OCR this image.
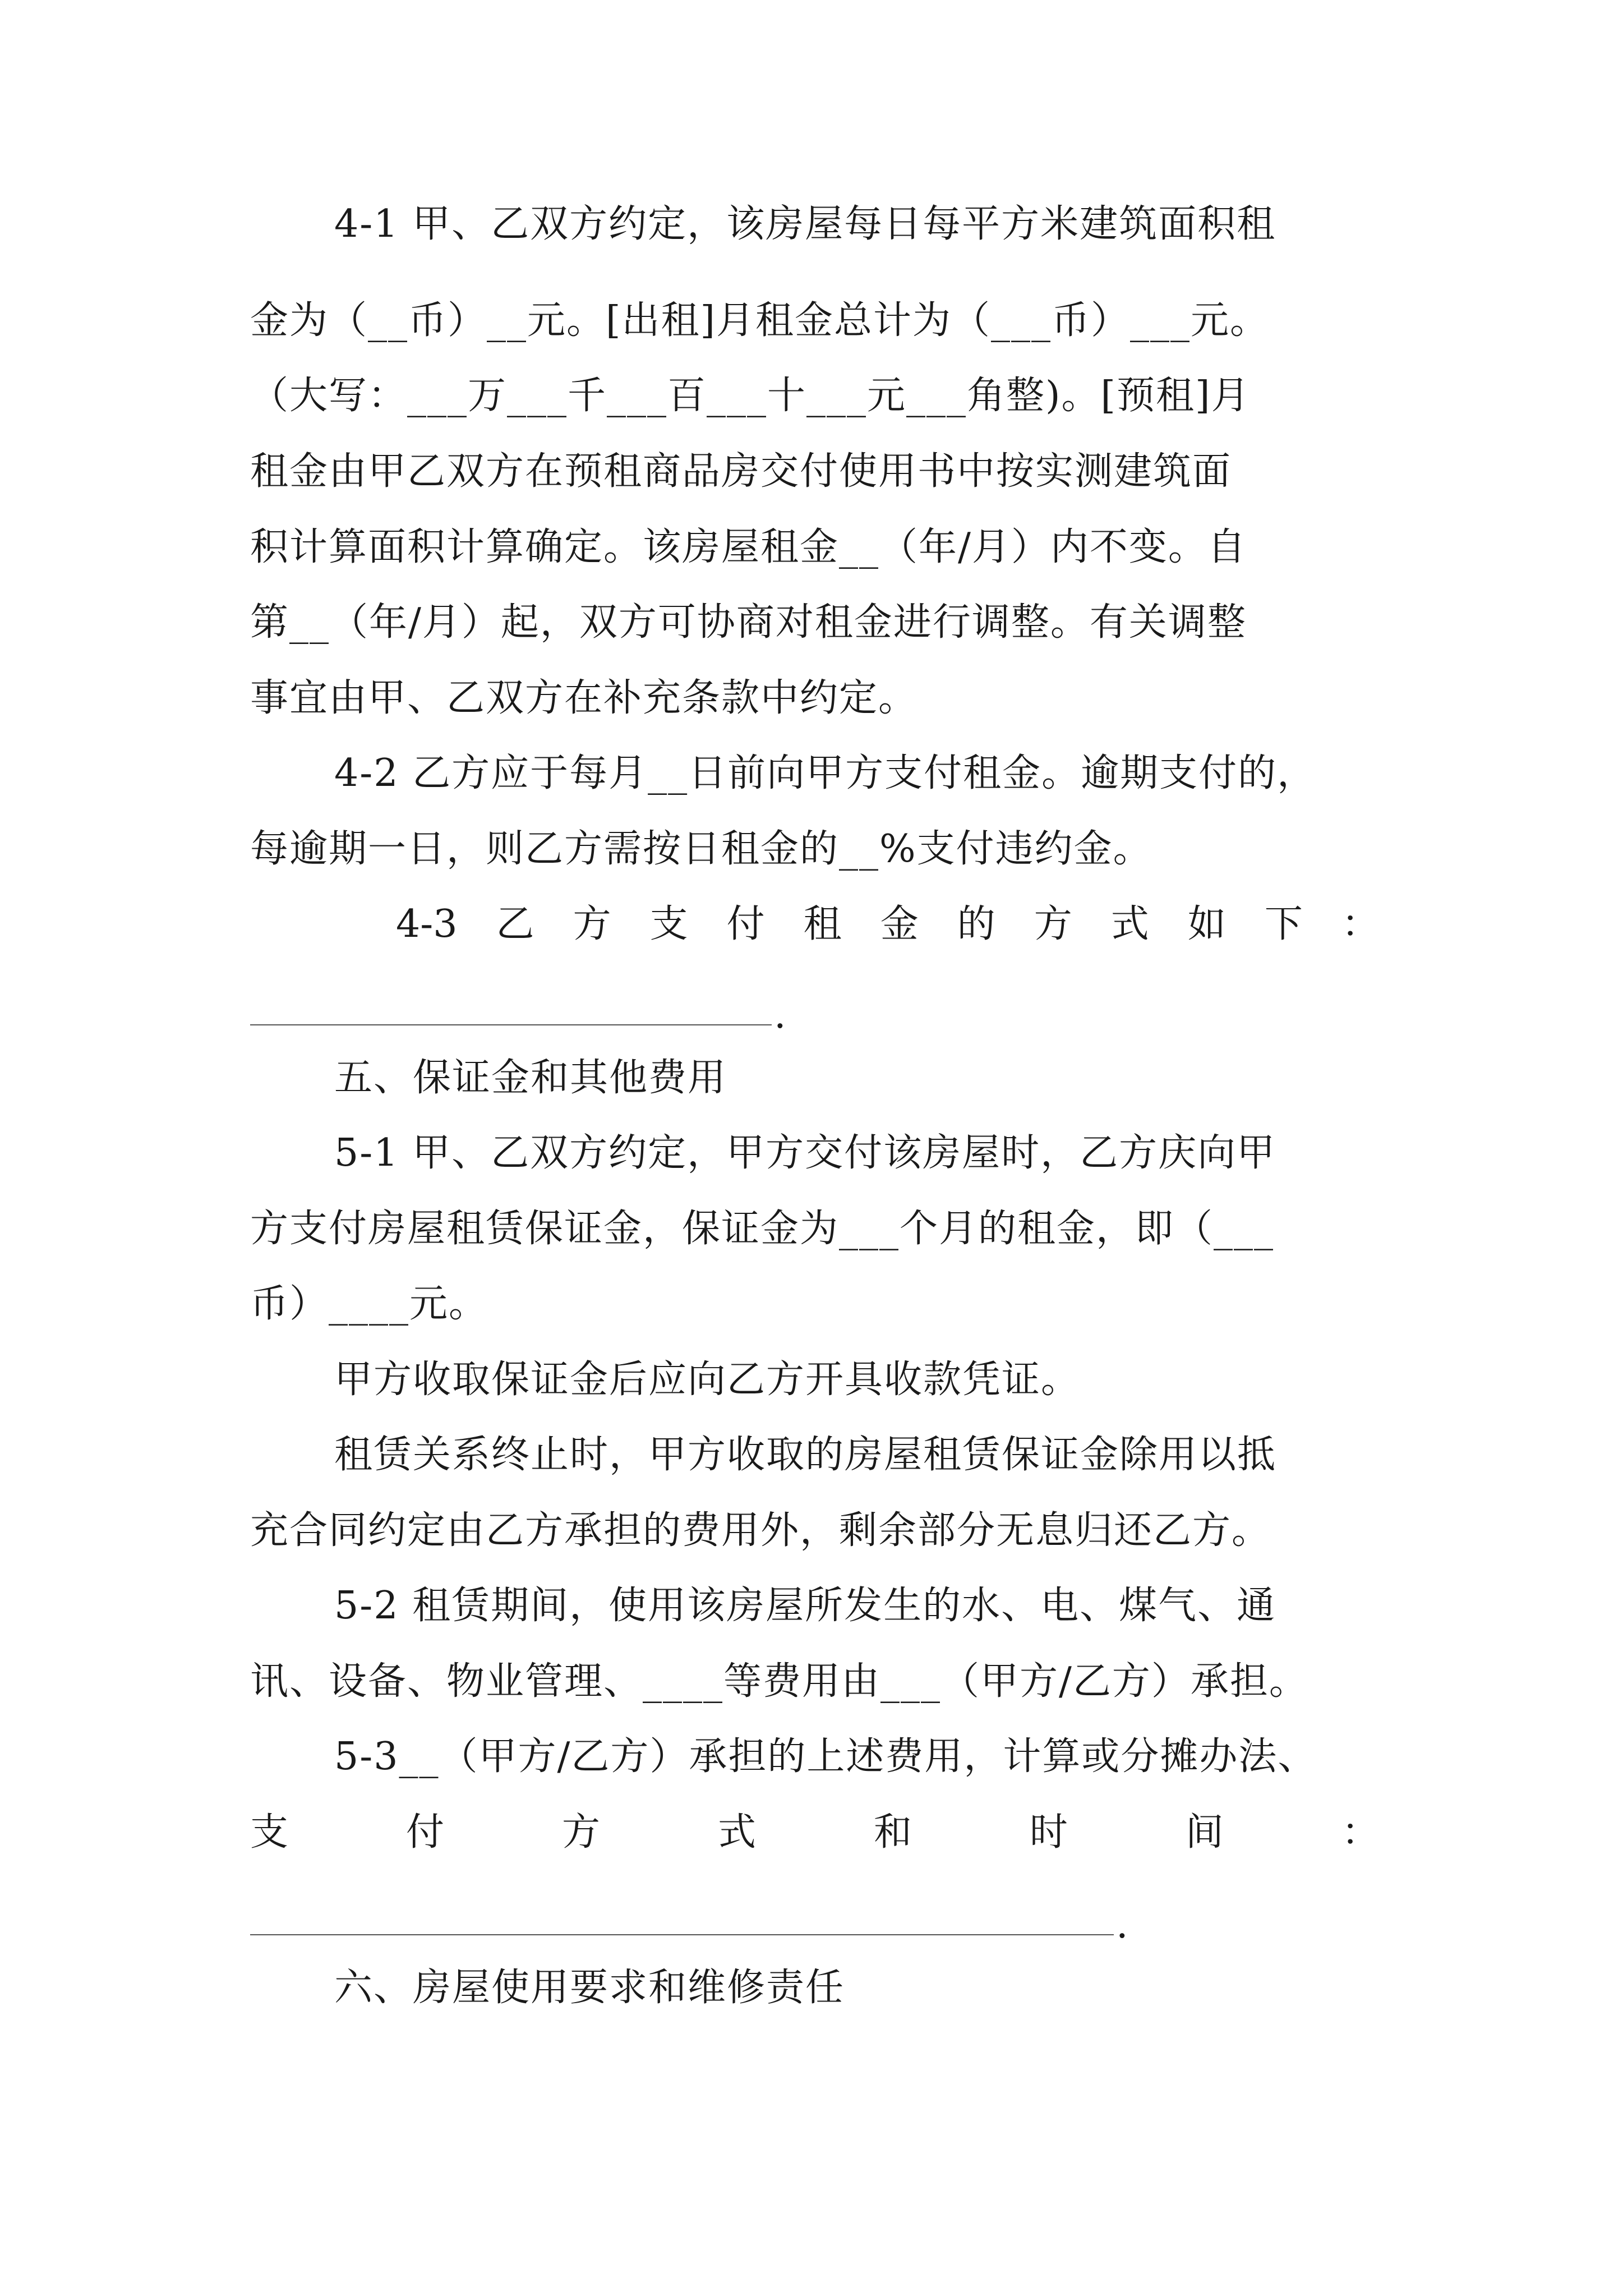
4-1 甲、乙双方约定，该房屋每日每平方米建筑面积租
金为（__币）__元。[出租]月租金总计为（___币）___元。
（大写：___万___千___百___十___元___角整)。[预租]月
租金由甲乙双方在预租商品房交付使用书中按实测建筑面
积计算面积计算确定。该房屋租金__（年/月）内不变。自
第__（年/月）起，双方可协商对租金进行调整。有关调整
事宜由甲、乙双方在补充条款中约定。
4-2 乙方应于每月__日前向甲方支付租金。逾期支付的，
每逾期一日，则乙方需按日租金的__%支付违约金。
4-3 乙 方 支 付 租 金 的 方 式 如 下 ：
.
五、保证金和其他费用
5-1 甲、乙双方约定，甲方交付该房屋时，乙方庆向甲
方支付房屋租赁保证金，保证金为___个月的租金，即（___
币）____元。
甲方收取保证金后应向乙方开具收款凭证。
租赁关系终止时，甲方收取的房屋租赁保证金除用以抵
充合同约定由乙方承担的费用外，剩余部分无息归还乙方。
5-2 租赁期间，使用该房屋所发生的水、电、煤气、通
讯、设备、物业管理、____等费用由___（甲方/乙方）承担。
5-3__（甲方/乙方）承担的上述费用，计算或分摊办法、
支	付	方	式	和	时	间	：
.
六、房屋使用要求和维修责任
